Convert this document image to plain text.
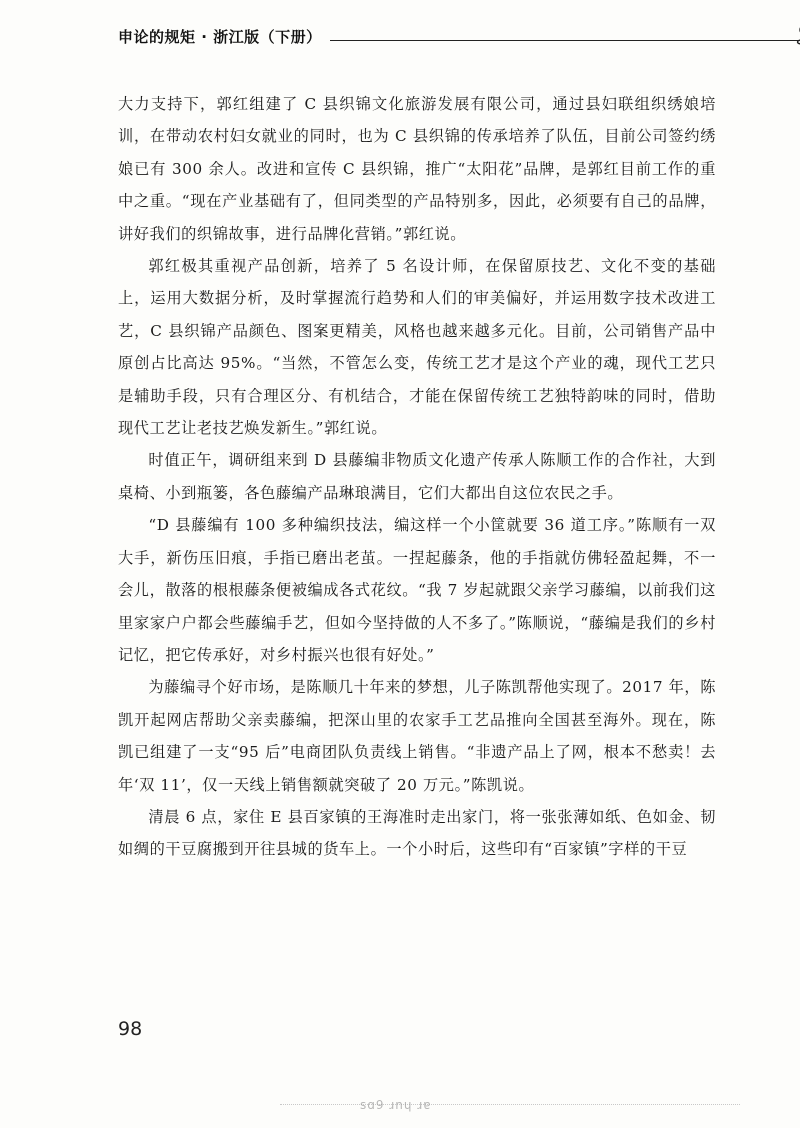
申论的规矩 · 浙江版（下册）

大力支持下，郭红组建了 C 县织锦文化旅游发展有限公司，通过县妇联组织绣娘培训，在带动农村妇女就业的同时，也为 C 县织锦的传承培养了队伍，目前公司签约绣娘已有 300 余人。改进和宣传 C 县织锦，推广“太阳花”品牌，是郭红目前工作的重中之重。“现在产业基础有了，但同类型的产品特别多，因此，必须要有自己的品牌，讲好我们的织锦故事，进行品牌化营销。”郭红说。

郭红极其重视产品创新，培养了 5 名设计师，在保留原技艺、文化不变的基础上，运用大数据分析，及时掌握流行趋势和人们的审美偏好，并运用数字技术改进工艺，C 县织锦产品颜色、图案更精美，风格也越来越多元化。目前，公司销售产品中原创占比高达 95%。“当然，不管怎么变，传统工艺才是这个产业的魂，现代工艺只是辅助手段，只有合理区分、有机结合，才能在保留传统工艺独特韵味的同时，借助现代工艺让老技艺焕发新生。”郭红说。

时值正午，调研组来到 D 县藤编非物质文化遗产传承人陈顺工作的合作社，大到桌椅、小到瓶篓，各色藤编产品琳琅满目，它们大都出自这位农民之手。

“D 县藤编有 100 多种编织技法，编这样一个小筐就要 36 道工序。”陈顺有一双大手，新伤压旧痕，手指已磨出老茧。一捏起藤条，他的手指就仿佛轻盈起舞，不一会儿，散落的根根藤条便被编成各式花纹。“我 7 岁起就跟父亲学习藤编，以前我们这里家家户户都会些藤编手艺，但如今坚持做的人不多了。”陈顺说，“藤编是我们的乡村记忆，把它传承好，对乡村振兴也很有好处。”

为藤编寻个好市场，是陈顺几十年来的梦想，儿子陈凯帮他实现了。2017 年，陈凯开起网店帮助父亲卖藤编，把深山里的农家手工艺品推向全国甚至海外。现在，陈凯已组建了一支“95 后”电商团队负责线上销售。“非遗产品上了网，根本不愁卖！去年‘双 11’，仅一天线上销售额就突破了 20 万元。”陈凯说。

清晨 6 点，家住 E 县百家镇的王海准时走出家门，将一张张薄如纸、色如金、韧如绸的干豆腐搬到开往县城的货车上。一个小时后，这些印有“百家镇”字样的干豆

98
sɑ9 ɹnɥ ɹɐ
